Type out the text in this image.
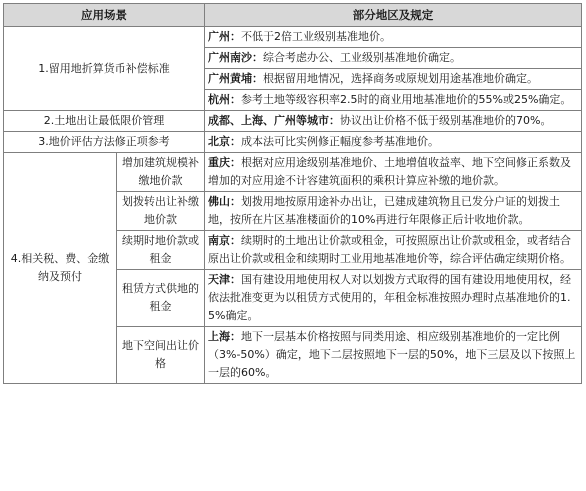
应用场景		部分地区及规定
1.留用地折算货币补偿标准		广州：不低于2倍工业级别基准地价。
		广州南沙：综合考虑办公、工业级别基准地价确定。
		广州黄埔：根据留用地情况，选择商务或原规划用途基准地价确定。
		杭州：参考土地等级容积率2.5时的商业用地基准地价的55%或25%确定。
2.土地出让最低限价管理		成都、上海、广州等城市：协议出让价格不低于级别基准地价的70%。
3.地价评估方法修正项参考		北京：成本法可比实例修正幅度参考基准地价。
4.相关税、费、金缴纳及预付	增加建筑规模补缴地价款	重庆：根据对应用途级别基准地价、土地增值收益率、地下空间修正系数及增加的对应用途不计容建筑面积的乘积计算应补缴的地价款。
	划拨转出让补缴地价款	佛山：划拨用地按原用途补办出让，已建成建筑物且已发分户证的划拨土地，按所在片区基准楼面价的10%再进行年限修正后计收地价款。
	续期时地价款或租金	南京：续期时的土地出让价款或租金，可按照原出让价款或租金，或者结合原出让价款或租金和续期时工业用地基准地价等，综合评估确定续期价格。
	租赁方式供地的租金	天津：国有建设用地使用权人对以划拨方式取得的国有建设用地使用权，经依法批准变更为以租赁方式使用的，年租金标准按照办理时点基准地价的1.5%确定。
	地下空间出让价格	上海：地下一层基本价格按照与同类用途、相应级别基准地价的一定比例（3%-50%）确定，地下二层按照地下一层的50%，地下三层及以下按照上一层的60%。
